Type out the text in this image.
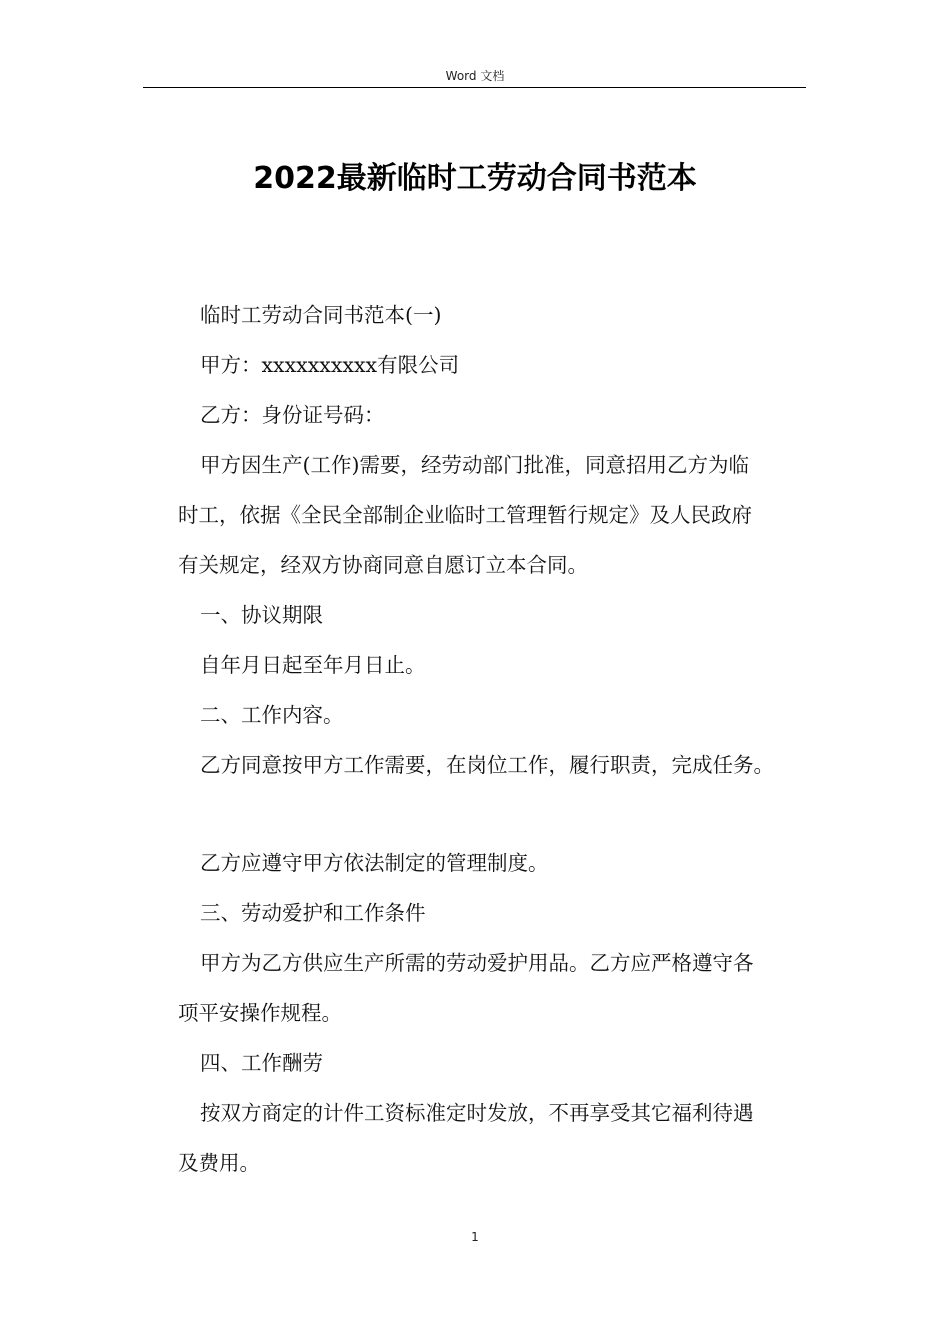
Word 文档
2022最新临时工劳动合同书范本

临时工劳动合同书范本(一)

甲方：xxxxxxxxxx有限公司

乙方：身份证号码：

甲方因生产(工作)需要，经劳动部门批准，同意招用乙方为临

时工，依据《全民全部制企业临时工管理暂行规定》及人民政府

有关规定，经双方协商同意自愿订立本合同。

一、协议期限

自年月日起至年月日止。

二、工作内容。

乙方同意按甲方工作需要，在岗位工作，履行职责，完成任务。

乙方应遵守甲方依法制定的管理制度。

三、劳动爱护和工作条件

甲方为乙方供应生产所需的劳动爱护用品。乙方应严格遵守各

项平安操作规程。

四、工作酬劳

按双方商定的计件工资标准定时发放，不再享受其它福利待遇

及费用。

1
